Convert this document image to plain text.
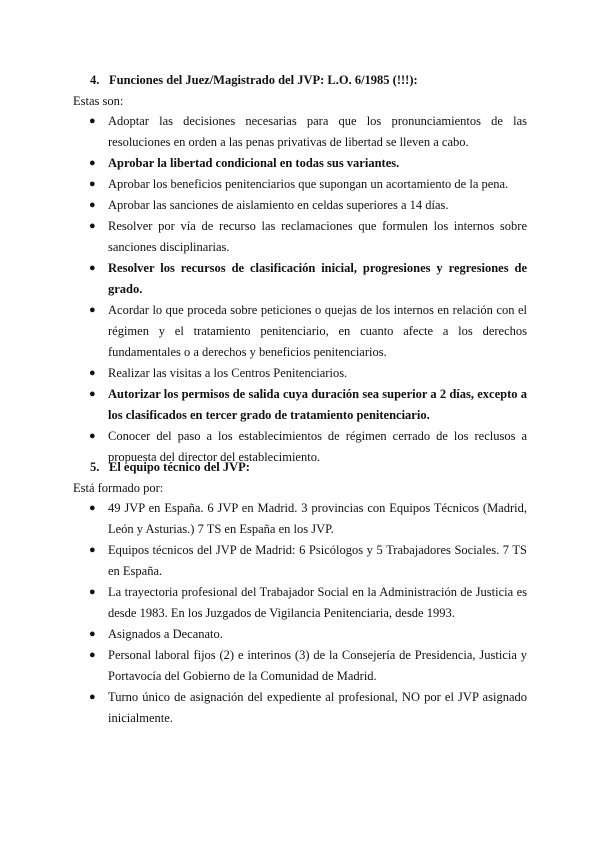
4. Funciones del Juez/Magistrado del JVP: L.O. 6/1985 (!!!):
Estas son:
● Adoptar las decisiones necesarias para que los pronunciamientos de las resoluciones en orden a las penas privativas de libertad se lleven a cabo.
● Aprobar la libertad condicional en todas sus variantes.
● Aprobar los beneficios penitenciarios que supongan un acortamiento de la pena.
● Aprobar las sanciones de aislamiento en celdas superiores a 14 días.
● Resolver por vía de recurso las reclamaciones que formulen los internos sobre sanciones disciplinarias.
● Resolver los recursos de clasificación inicial, progresiones y regresiones de grado.
● Acordar lo que proceda sobre peticiones o quejas de los internos en relación con el régimen y el tratamiento penitenciario, en cuanto afecte a los derechos fundamentales o a derechos y beneficios penitenciarios.
● Realizar las visitas a los Centros Penitenciarios.
● Autorizar los permisos de salida cuya duración sea superior a 2 días, excepto a los clasificados en tercer grado de tratamiento penitenciario.
● Conocer del paso a los establecimientos de régimen cerrado de los reclusos a propuesta del director del establecimiento.
5. El equipo técnico del JVP:
Está formado por:
● 49 JVP en España. 6 JVP en Madrid. 3 provincias con Equipos Técnicos (Madrid, León y Asturias.) 7 TS en España en los JVP.
● Equipos técnicos del JVP de Madrid: 6 Psicólogos y 5 Trabajadores Sociales. 7 TS en España.
● La trayectoria profesional del Trabajador Social en la Administración de Justicia es desde 1983. En los Juzgados de Vigilancia Penitenciaria, desde 1993.
● Asignados a Decanato.
● Personal laboral fijos (2) e interinos (3) de la Consejería de Presidencia, Justicia y Portavocía del Gobierno de la Comunidad de Madrid.
● Turno único de asignación del expediente al profesional, NO por el JVP asignado inicialmente.
